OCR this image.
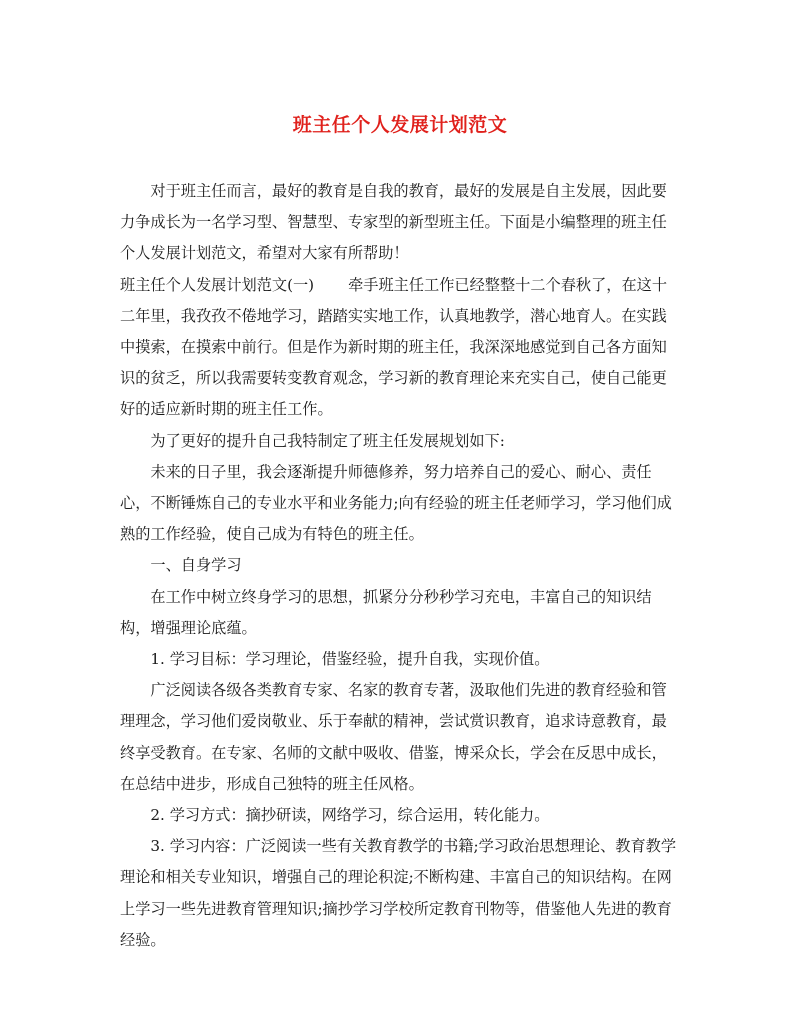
班主任个人发展计划范文

对于班主任而言，最好的教育是自我的教育，最好的发展是自主发展，因此要力争成长为一名学习型、智慧型、专家型的新型班主任。下面是小编整理的班主任个人发展计划范文，希望对大家有所帮助！

班主任个人发展计划范文(一) 牵手班主任工作已经整整十二个春秋了，在这十二年里，我孜孜不倦地学习，踏踏实实地工作，认真地教学，潜心地育人。在实践中摸索，在摸索中前行。但是作为新时期的班主任，我深深地感觉到自己各方面知识的贫乏，所以我需要转变教育观念，学习新的教育理论来充实自己，使自己能更好的适应新时期的班主任工作。

为了更好的提升自己我特制定了班主任发展规划如下:

未来的日子里，我会逐渐提升师德修养，努力培养自己的爱心、耐心、责任心，不断锤炼自己的专业水平和业务能力;向有经验的班主任老师学习，学习他们成熟的工作经验，使自己成为有特色的班主任。

一、自身学习

在工作中树立终身学习的思想，抓紧分分秒秒学习充电，丰富自己的知识结构，增强理论底蕴。

1. 学习目标：学习理论，借鉴经验，提升自我，实现价值。

广泛阅读各级各类教育专家、名家的教育专著，汲取他们先进的教育经验和管理理念，学习他们爱岗敬业、乐于奉献的精神，尝试赏识教育，追求诗意教育，最终享受教育。在专家、名师的文献中吸收、借鉴，博采众长，学会在反思中成长，在总结中进步，形成自己独特的班主任风格。

2. 学习方式：摘抄研读，网络学习，综合运用，转化能力。

3. 学习内容：广泛阅读一些有关教育教学的书籍;学习政治思想理论、教育教学理论和相关专业知识，增强自己的理论积淀;不断构建、丰富自己的知识结构。在网上学习一些先进教育管理知识;摘抄学习学校所定教育刊物等，借鉴他人先进的教育经验。
